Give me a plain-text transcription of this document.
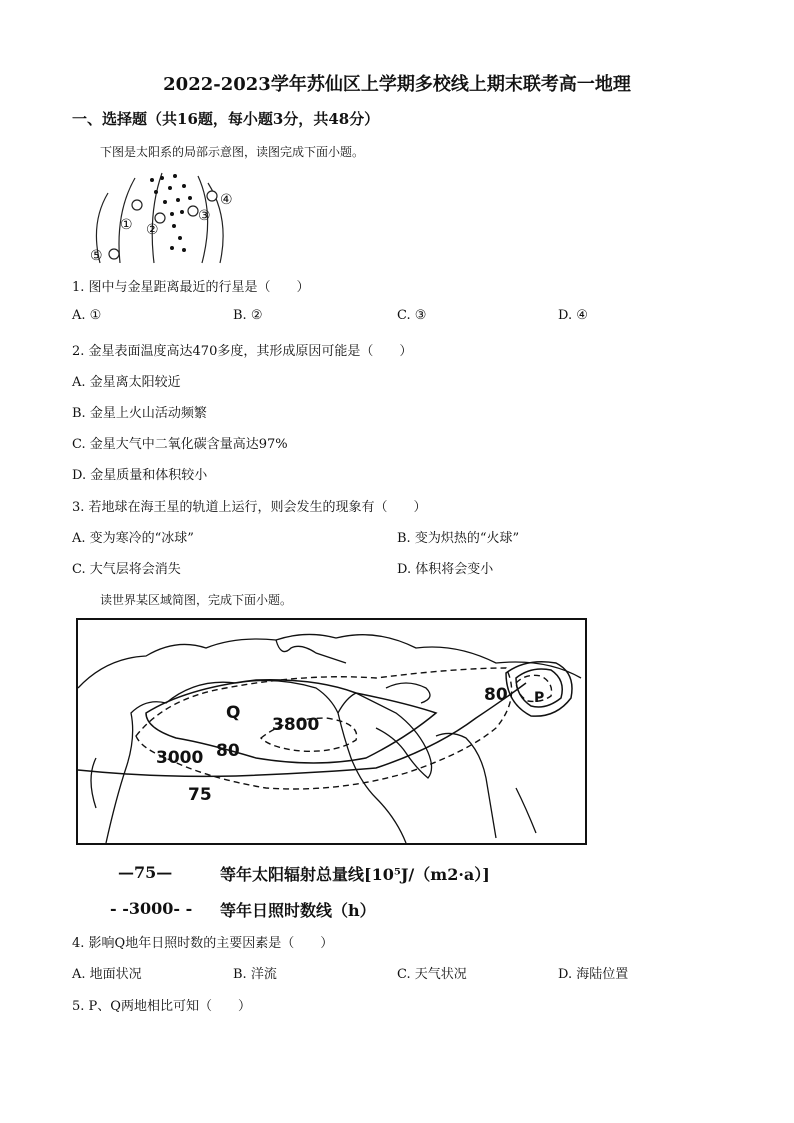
2022-2023学年苏仙区上学期多校线上期末联考高一地理
一、选择题（共16题，每小题3分，共48分）
下图是太阳系的局部示意图，读图完成下面小题。
① ②
③
④
⑤
1. 图中与金星距离最近的行星是（　　）
A. ①	B. ②	C. ③	D. ④
2. 金星表面温度高达470多度，其形成原因可能是（　　）
A. 金星离太阳较近
B. 金星上火山活动频繁
C. 金星大气中二氧化碳含量高达97%
D. 金星质量和体积较小
3. 若地球在海王星的轨道上运行，则会发生的现象有（　　）
A. 变为寒冷的“冰球”	B. 变为炽热的“火球”
C. 大气层将会消失	D. 体积将会变小
读世界某区域简图，完成下面小题。
Q
P
3800
3000 80
80
75
—75—	等年太阳辐射总量线[10⁵J/（m2·a）]
- -3000- - 等年日照时数线（h）
4. 影响Q地年日照时数的主要因素是（　　）
A. 地面状况	B. 洋流	C. 天气状况	D. 海陆位置
5. P、Q两地相比可知（　　）
